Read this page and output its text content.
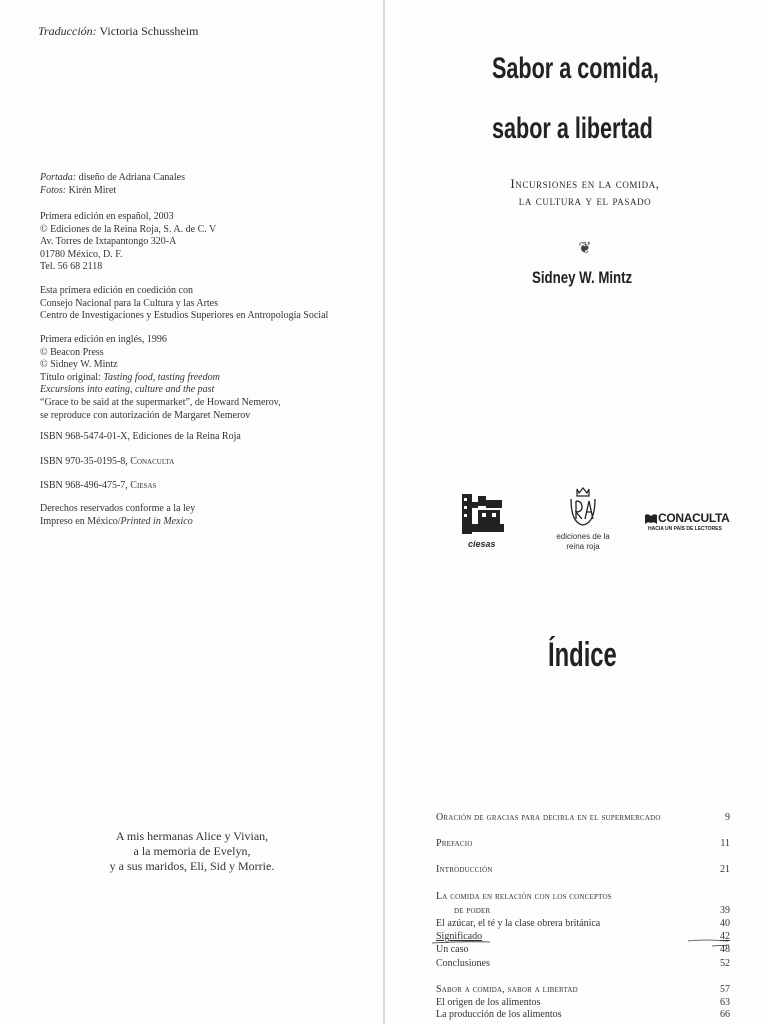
Traducción: Victoria Schussheim
Portada: diseño de Adriana Canales
Fotos: Kirén Miret
Primera edición en español, 2003
© Ediciones de la Reina Roja, S. A. de C. V
Av. Torres de Ixtapantongo 320-A
01780 México, D. F.
Tel. 56 68 2118
Esta primera edición en coedición con
Consejo Nacional para la Cultura y las Artes
Centro de Investigaciones y Estudios Superiores en Antropología Social
Primera edición en inglés, 1996
© Beacon Press
© Sidney W. Mintz
Título original: Tasting food, tasting freedom
Excursions into eating, culture and the past
“Grace to be said at the supermarket”, de Howard Nemerov,
se reproduce con autorización de Margaret Nemerov
ISBN 968-5474-01-X, Ediciones de la Reina Roja
ISBN 970-35-0195-8, Conaculta
ISBN 968-496-475-7, Ciesas
Derechos reservados conforme a la ley
Impreso en México/Printed in Mexico
A mis hermanas Alice y Vivian,
a la memoria de Evelyn,
y a sus maridos, Eli, Sid y Morrie.
Sabor a comida,
sabor a libertad
Incursiones en la comida,
la cultura y el pasado
❦
Sidney W. Mintz
ciesas
ediciones de la
reina roja
CONACULTA
HACIA UN PAÍS DE LECTORES
Índice
Oración de gracias para decirla en el supermercado	9
Prefacio	11
Introducción	21
La comida en relación con los conceptos
de poder	39
El azúcar, el té y la clase obrera británica	40
Significado	42
Un caso	48
Conclusiones	52
Sabor a comida, sabor a libertad	57
El origen de los alimentos	63
La producción de los alimentos	66
